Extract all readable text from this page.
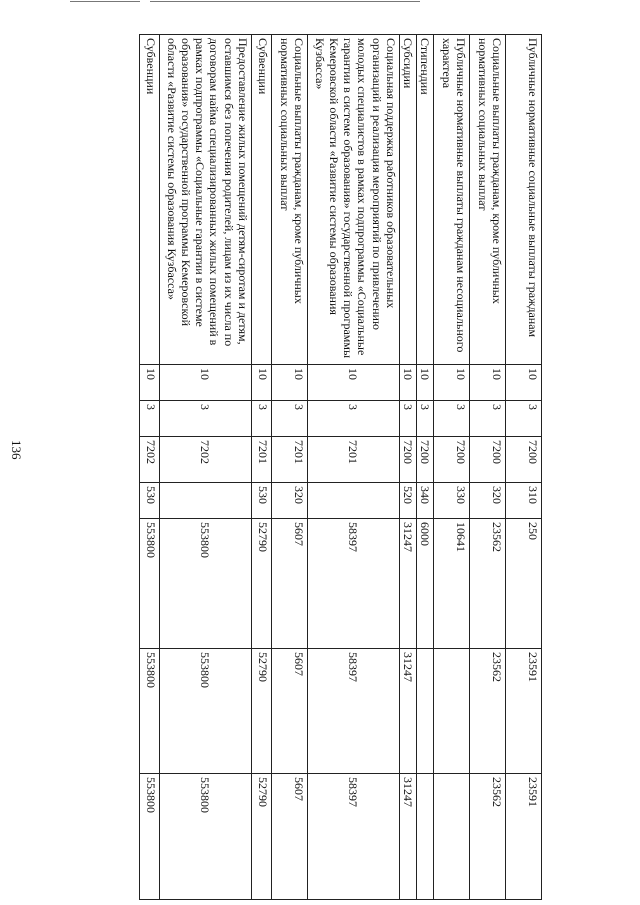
136
Публичные нормативные социальные выплаты гражданам	10	3	7200	310	250	23591	23591
Социальные выплаты гражданам, кроме публичных нормативных социальных выплат	10	3	7200	320	23562	23562	23562
Публичные нормативные выплаты гражданам несоциального характера	10	3	7200	330	10641		
Стипендии	10	3	7200	340	6000		
Субсидии	10	3	7200	520	31247	31247	31247
Социальная поддержка работников образовательных организаций и реализация мероприятий по привлечению молодых специалистов в рамках подпрограммы «Социальные гарантии в системе образования» государственной программы Кемеровской области «Развитие системы образования Кузбасса»	10	3	7201		58397	58397	58397
Социальные выплаты гражданам, кроме публичных нормативных социальных выплат	10	3	7201	320	5607	5607	5607
Субвенции	10	3	7201	530	52790	52790	52790
Предоставление жилых помещений детям-сиротам и детям, оставшимся без попечения родителей, лицам из их числа по договорам найма специализированных жилых помещений в рамках подпрограммы «Социальные гарантии в системе образования» государственной программы Кемеровской области «Развитие системы образования Кузбасса»	10	3	7202		553800	553800	553800
Субвенции	10	3	7202	530	553800	553800	553800
